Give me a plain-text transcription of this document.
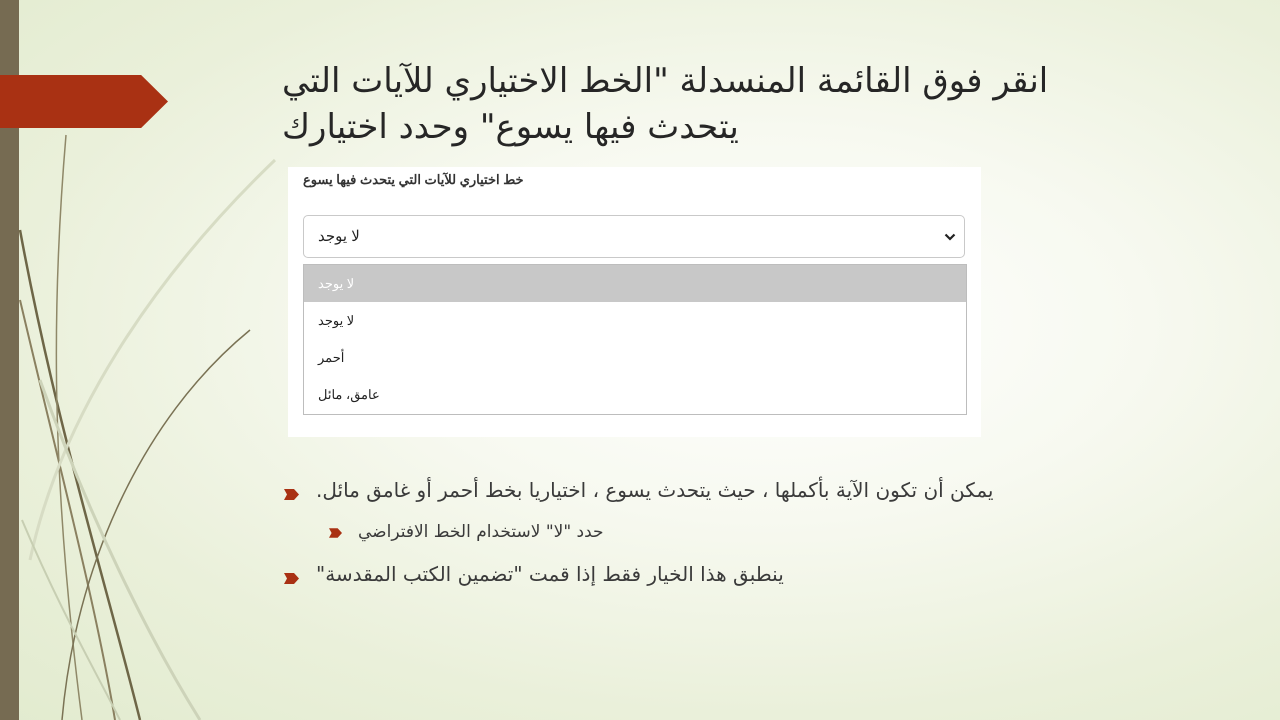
انقر فوق القائمة المنسدلة "الخط الاختياري للآيات التي
يتحدث فيها يسوع" وحدد اختيارك
خط اختياري للآيات التي يتحدث فيها يسوع
لا يوجد
لا يوجد
لا يوجد
أحمر
عامق، مائل
يمكن أن تكون الآية بأكملها ، حيث يتحدث يسوع ، اختياريا بخط أحمر أو غامق مائل.
حدد "لا" لاستخدام الخط الافتراضي
ينطبق هذا الخيار فقط إذا قمت "تضمين الكتب المقدسة"
